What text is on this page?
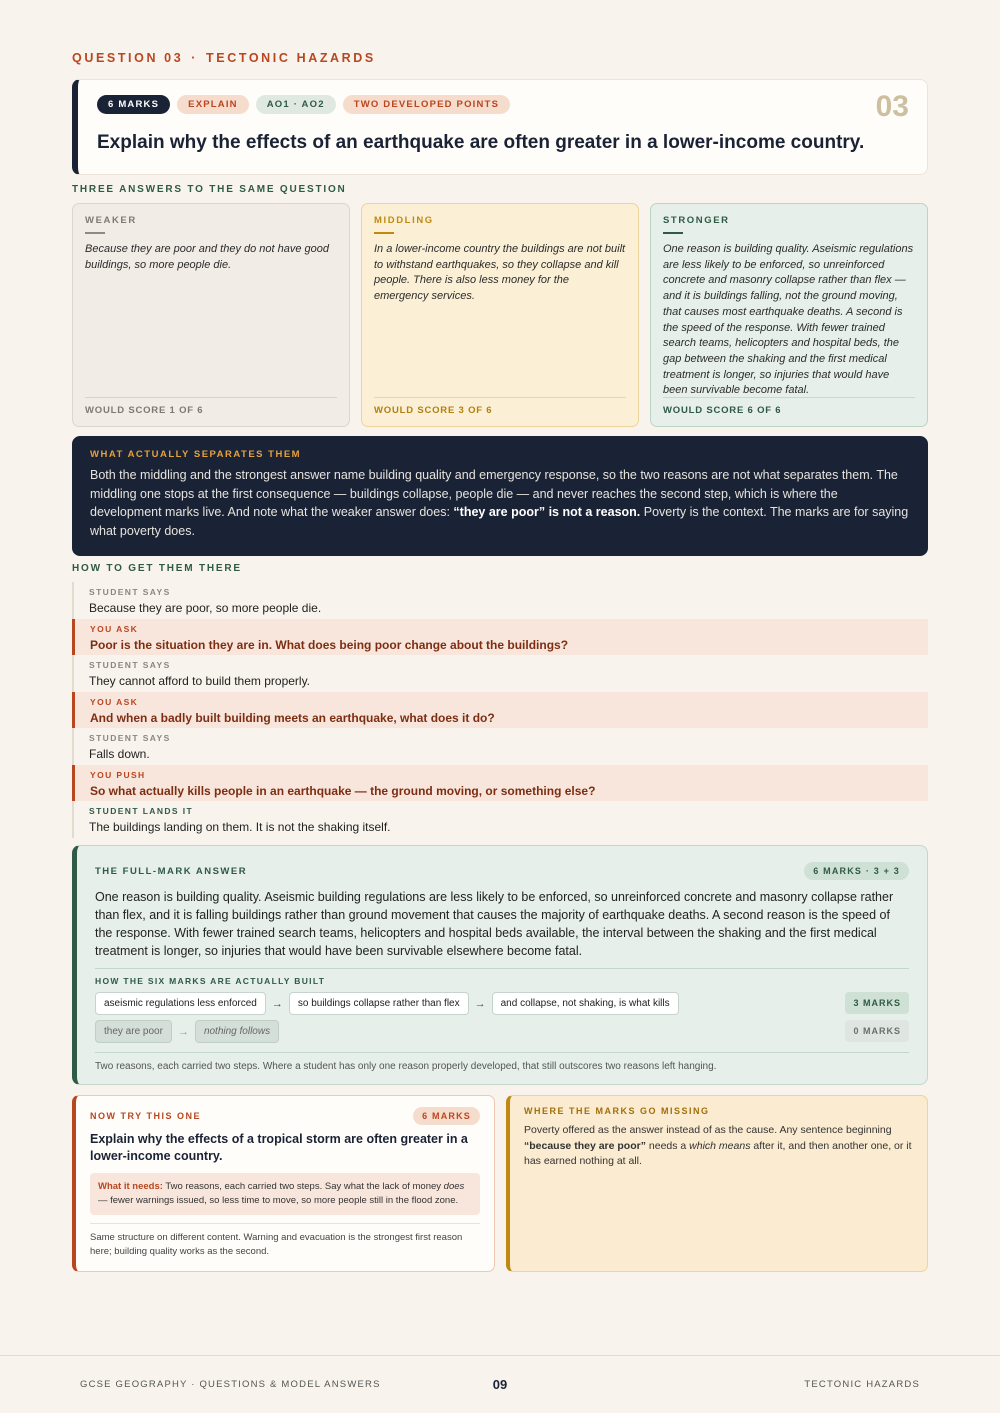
QUESTION 03 · TECTONIC HAZARDS
6 MARKS	EXPLAIN	AO1 · AO2	TWO DEVELOPED POINTS	03
Explain why the effects of an earthquake are often greater in a lower-income country.
THREE ANSWERS TO THE SAME QUESTION
WEAKER
Because they are poor and they do not have good buildings, so more people die.
WOULD SCORE 1 OF 6
MIDDLING
In a lower-income country the buildings are not built to withstand earthquakes, so they collapse and kill people. There is also less money for the emergency services.
WOULD SCORE 3 OF 6
STRONGER
One reason is building quality. Aseismic regulations are less likely to be enforced, so unreinforced concrete and masonry collapse rather than flex — and it is buildings falling, not the ground moving, that causes most earthquake deaths. A second is the speed of the response. With fewer trained search teams, helicopters and hospital beds, the gap between the shaking and the first medical treatment is longer, so injuries that would have been survivable become fatal.
WOULD SCORE 6 OF 6
WHAT ACTUALLY SEPARATES THEM
Both the middling and the strongest answer name building quality and emergency response, so the two reasons are not what separates them. The middling one stops at the first consequence — buildings collapse, people die — and never reaches the second step, which is where the development marks live. And note what the weaker answer does: “they are poor” is not a reason. Poverty is the context. The marks are for saying what poverty does.
HOW TO GET THEM THERE
STUDENT SAYS
Because they are poor, so more people die.
YOU ASK
Poor is the situation they are in. What does being poor change about the buildings?
STUDENT SAYS
They cannot afford to build them properly.
YOU ASK
And when a badly built building meets an earthquake, what does it do?
STUDENT SAYS
Falls down.
YOU PUSH
So what actually kills people in an earthquake — the ground moving, or something else?
STUDENT LANDS IT
The buildings landing on them. It is not the shaking itself.
THE FULL-MARK ANSWER	6 MARKS · 3 + 3
One reason is building quality. Aseismic building regulations are less likely to be enforced, so unreinforced concrete and masonry collapse rather than flex, and it is falling buildings rather than ground movement that causes the majority of earthquake deaths. A second reason is the speed of the response. With fewer trained search teams, helicopters and hospital beds available, the interval between the shaking and the first medical treatment is longer, so injuries that would have been survivable elsewhere become fatal.
HOW THE SIX MARKS ARE ACTUALLY BUILT
aseismic regulations less enforced	→	so buildings collapse rather than flex	→	and collapse, not shaking, is what kills	3 MARKS
they are poor	→	nothing follows	0 MARKS
Two reasons, each carried two steps. Where a student has only one reason properly developed, that still outscores two reasons left hanging.
NOW TRY THIS ONE	6 MARKS
Explain why the effects of a tropical storm are often greater in a lower-income country.
What it needs: Two reasons, each carried two steps. Say what the lack of money does — fewer warnings issued, so less time to move, so more people still in the flood zone.
Same structure on different content. Warning and evacuation is the strongest first reason here; building quality works as the second.
WHERE THE MARKS GO MISSING
Poverty offered as the answer instead of as the cause. Any sentence beginning “because they are poor” needs a which means after it, and then another one, or it has earned nothing at all.
GCSE GEOGRAPHY · QUESTIONS & MODEL ANSWERS	09	TECTONIC HAZARDS
